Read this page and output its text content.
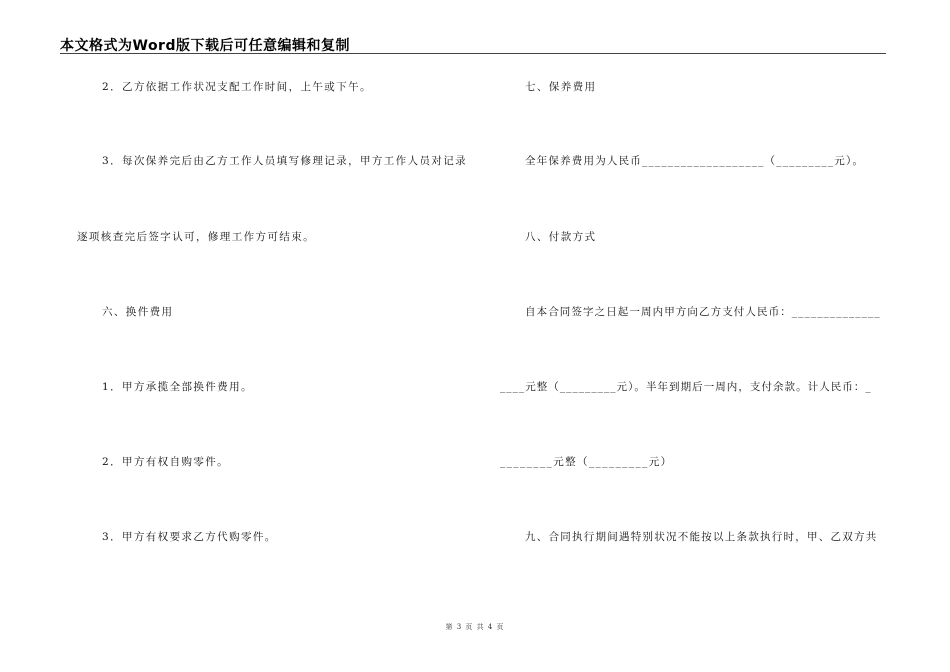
本文格式为Word版下载后可任意编辑和复制
2．乙方依据工作状况支配工作时间，上午或下午。
3．每次保养完后由乙方工作人员填写修理记录，甲方工作人员对记录
逐项核查完后签字认可，修理工作方可结束。
六、换件费用
1．甲方承揽全部换件费用。
2．甲方有权自购零件。
3．甲方有权要求乙方代购零件。
七、保养费用
全年保养费用为人民币___________________（_________元）。
八、付款方式
自本合同签字之日起一周内甲方向乙方支付人民币：______________
____元整（_________元）。半年到期后一周内，支付余款。计人民币：_
________元整（_________元）
九、合同执行期间遇特别状况不能按以上条款执行时，甲、乙双方共
第 3 页 共 4 页
